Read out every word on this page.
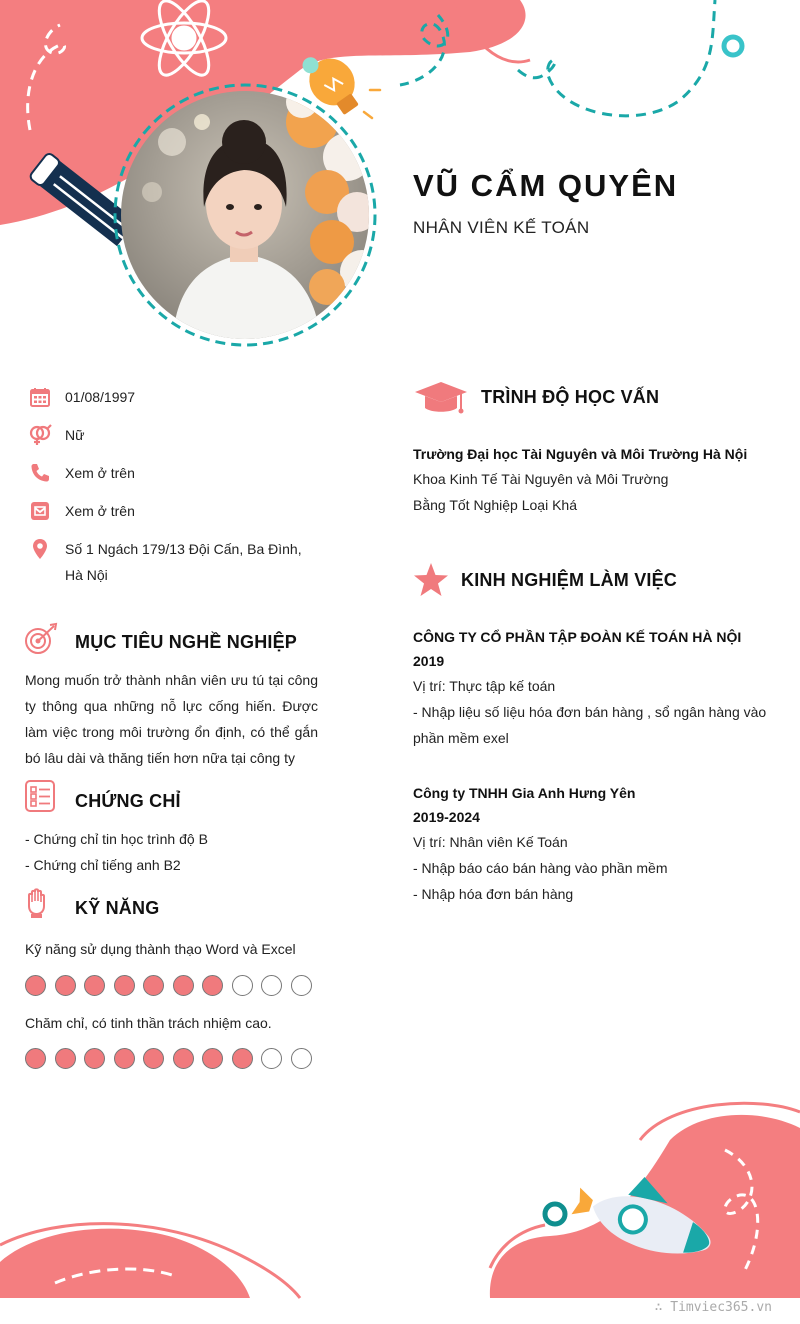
VŨ CẨM QUYÊN
NHÂN VIÊN KẾ TOÁN
01/08/1997
Nữ
Xem ở trên
Xem ở trên
Số 1 Ngách 179/13 Đội Cấn, Ba Đình, Hà Nội
MỤC TIÊU NGHỀ NGHIỆP
Mong muốn trở thành nhân viên ưu tú tại công ty thông qua những nỗ lực cống hiến. Được làm việc trong môi trường ổn định, có thể gắn bó lâu dài và thăng tiến hơn nữa tại công ty
CHỨNG CHỈ
- Chứng chỉ tin học trình độ B
- Chứng chỉ tiếng anh B2
KỸ NĂNG
Kỹ năng sử dụng thành thạo Word và Excel
Chăm chỉ, có tinh thần trách nhiệm cao.
TRÌNH ĐỘ HỌC VẤN
Trường Đại học Tài Nguyên và Môi Trường Hà Nội
Khoa Kinh Tế Tài Nguyên và Môi Trường
Bằng Tốt Nghiệp Loại Khá
KINH NGHIỆM LÀM VIỆC
CÔNG TY CỔ PHẦN TẬP ĐOÀN KẾ TOÁN HÀ NỘI
2019
Vị trí: Thực tập kế toán
- Nhập liệu số liệu hóa đơn bán hàng , sổ ngân hàng vào phần mềm exel
Công ty TNHH Gia Anh Hưng Yên
2019-2024
Vị trí: Nhân viên Kế Toán
- Nhập báo cáo bán hàng vào phần mềm
- Nhập hóa đơn bán hàng
∴ Timviec365.vn
